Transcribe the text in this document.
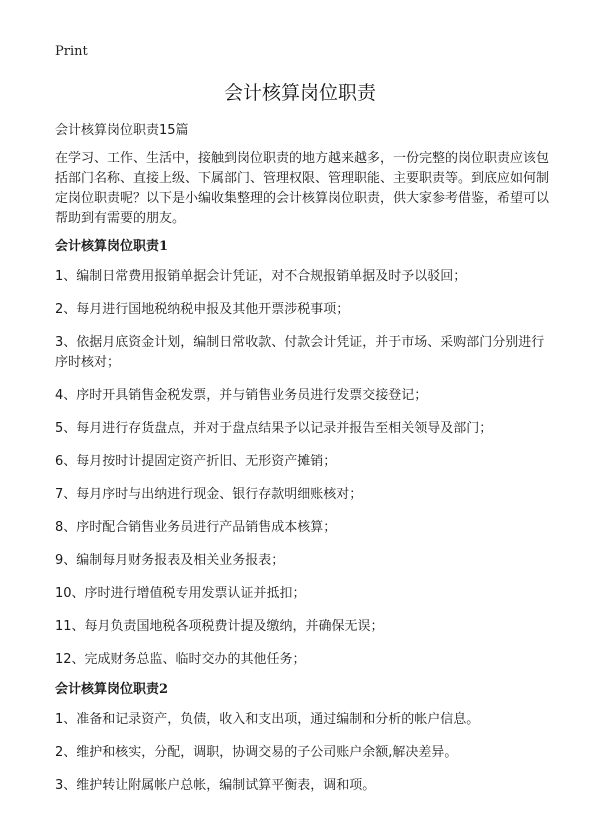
Print
会计核算岗位职责
会计核算岗位职责15篇
在学习、工作、生活中，接触到岗位职责的地方越来越多，一份完整的岗位职责应该包括部门名称、直接上级、下属部门、管理权限、管理职能、主要职责等。到底应如何制定岗位职责呢？以下是小编收集整理的会计核算岗位职责，供大家参考借鉴，希望可以帮助到有需要的朋友。
会计核算岗位职责1
1、编制日常费用报销单据会计凭证，对不合规报销单据及时予以驳回；
2、每月进行国地税纳税申报及其他开票涉税事项；
3、依据月底资金计划，编制日常收款、付款会计凭证，并于市场、采购部门分别进行序时核对；
4、序时开具销售金税发票，并与销售业务员进行发票交接登记；
5、每月进行存货盘点，并对于盘点结果予以记录并报告至相关领导及部门；
6、每月按时计提固定资产折旧、无形资产摊销；
7、每月序时与出纳进行现金、银行存款明细账核对；
8、序时配合销售业务员进行产品销售成本核算；
9、编制每月财务报表及相关业务报表；
10、序时进行增值税专用发票认证并抵扣；
11、每月负责国地税各项税费计提及缴纳，并确保无误；
12、完成财务总监、临时交办的其他任务；
会计核算岗位职责2
1、准备和记录资产，负债，收入和支出项，通过编制和分析的帐户信息。
2、维护和核实，分配，调职，协调交易的子公司账户余额,解决差异。
3、维护转让附属帐户总帐，编制试算平衡表，调和项。
